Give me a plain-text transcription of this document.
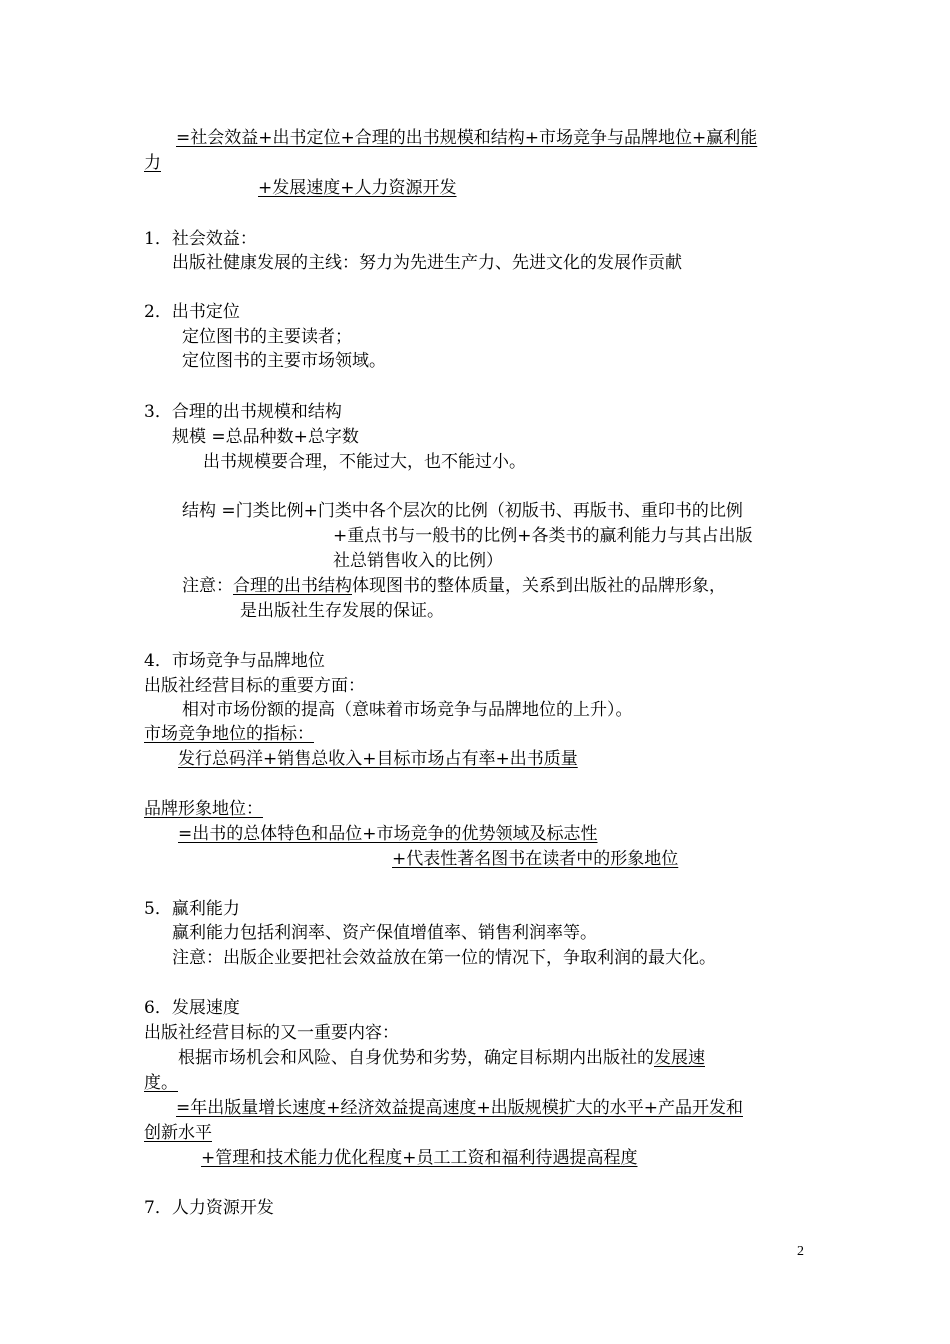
=社会效益+出书定位+合理的出书规模和结构+市场竞争与品牌地位+赢利能
力
+发展速度+人力资源开发
1．社会效益：
出版社健康发展的主线：努力为先进生产力、先进文化的发展作贡献
2．出书定位
定位图书的主要读者；
定位图书的主要市场领域。
3．合理的出书规模和结构
规模 =总品种数+总字数
出书规模要合理，不能过大，也不能过小。
结构 =门类比例+门类中各个层次的比例（初版书、再版书、重印书的比例
+重点书与一般书的比例+各类书的赢利能力与其占出版
社总销售收入的比例）
注意：合理的出书结构体现图书的整体质量，关系到出版社的品牌形象，
是出版社生存发展的保证。
4．市场竞争与品牌地位
出版社经营目标的重要方面：
相对市场份额的提高（意味着市场竞争与品牌地位的上升）。
市场竞争地位的指标：
发行总码洋+销售总收入+目标市场占有率+出书质量
品牌形象地位：
=出书的总体特色和品位+市场竞争的优势领域及标志性
+代表性著名图书在读者中的形象地位
5．赢利能力
赢利能力包括利润率、资产保值增值率、销售利润率等。
注意：出版企业要把社会效益放在第一位的情况下，争取利润的最大化。
6．发展速度
出版社经营目标的又一重要内容：
根据市场机会和风险、自身优势和劣势，确定目标期内出版社的发展速
度。
=年出版量增长速度+经济效益提高速度+出版规模扩大的水平+产品开发和
创新水平
+管理和技术能力优化程度+员工工资和福利待遇提高程度
7．人力资源开发
2
